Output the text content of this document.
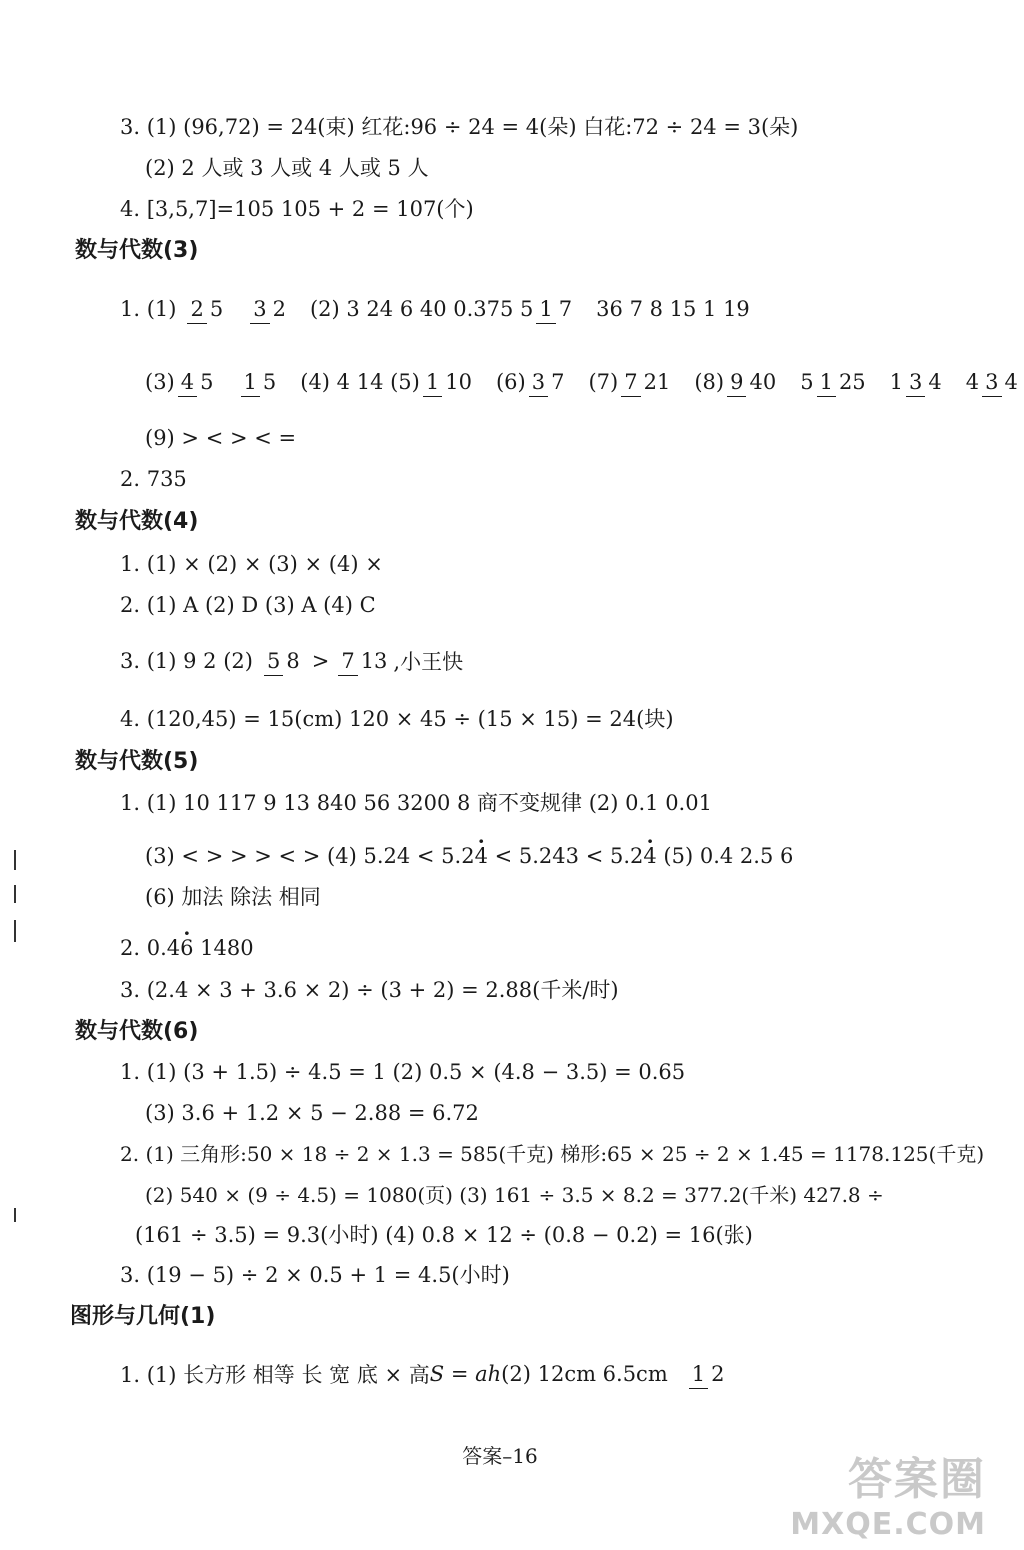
3. (1) (96,72) = 24(束) 红花:96 ÷ 24 = 4(朵) 白花:72 ÷ 24 = 3(朵)
(2) 2 人或 3 人或 4 人或 5 人
4. [3,5,7]=105 105 + 2 = 107(个)
数与代数(3)
1. (1) 2 5 3 2 (2) 3 24 6 40 0.375 5 1 7 36 7 8 15 1 19
(3) 4 5 1 5 (4) 4 14 (5) 1 10 (6) 3 7 (7) 7 21 (8) 9 40 5 1 25 1 3 4 4 3 4
(9) > < > < =
2. 735
数与代数(4)
1. (1) × (2) × (3) × (4) ×
2. (1) A (2) D (3) A (4) C
3. (1) 9 2 (2) 5 8 > 7 13 ,小王快
4. (120,45) = 15(cm) 120 × 45 ÷ (15 × 15) = 24(块)
数与代数(5)
1. (1) 10 117 9 13 840 56 3200 8 商不变规律 (2) 0.1 0.01
(3) < > > > < > (4) 5.24 < 5.24 · < 5.243 < 5.24 · (5) 0.4 2.5 6
(6) 加法 除法 相同
2. 0.46 · 1480
3. (2.4 × 3 + 3.6 × 2) ÷ (3 + 2) = 2.88(千米/时)
数与代数(6)
1. (1) (3 + 1.5) ÷ 4.5 = 1 (2) 0.5 × (4.8 − 3.5) = 0.65
(3) 3.6 + 1.2 × 5 − 2.88 = 6.72
2. (1) 三角形:50 × 18 ÷ 2 × 1.3 = 585(千克) 梯形:65 × 25 ÷ 2 × 1.45 = 1178.125(千克)
(2) 540 × (9 ÷ 4.5) = 1080(页) (3) 161 ÷ 3.5 × 8.2 = 377.2(千米) 427.8 ÷
(161 ÷ 3.5) = 9.3(小时) (4) 0.8 × 12 ÷ (0.8 − 0.2) = 16(张)
3. (19 − 5) ÷ 2 × 0.5 + 1 = 4.5(小时)
图形与几何(1)
1. (1) 长方形 相等 长 宽 底 × 高 S = ah (2) 12cm 6.5cm 1 2
答案–16	答案圈
MXQE.COM
